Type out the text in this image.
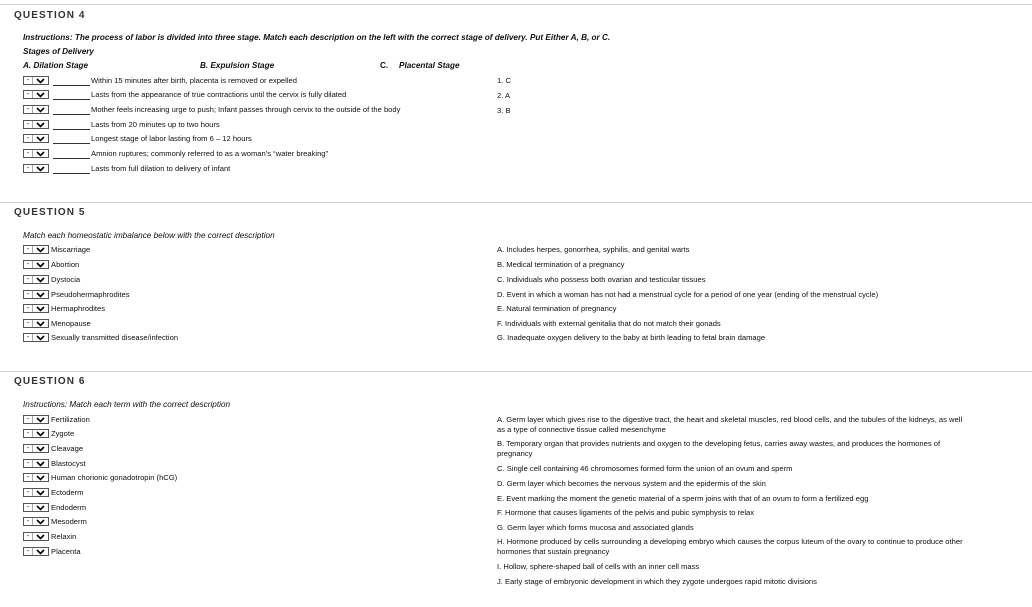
QUESTION 4
Instructions: The process of labor is divided into three stage. Match each description on the left with the correct stage of delivery. Put Either A, B, or C.
Stages of Delivery
A. Dilation Stage	B. Expulsion Stage	C. Placental Stage
-	Within 15 minutes after birth, placenta is removed or expelled
-	Lasts from the appearance of true contractions until the cervix is fully dilated
-	Mother feels increasing urge to push; Infant passes through cervix to the outside of the body
-	Lasts from 20 minutes up to two hours
-	Longest stage of labor lasting from 6 – 12 hours
-	Amnion ruptures; commonly referred to as a woman’s “water breaking”
-	Lasts from full dilation to delivery of infant
1. C
2. A
3. B
QUESTION 5
Match each homeostatic imbalance below with the correct description
-	Miscarriage
-	Abortion
-	Dystocia
-	Pseudohermaphrodites
-	Hermaphrodites
-	Menopause
-	Sexually transmitted disease/infection
A. Includes herpes, gonorrhea, syphilis, and genital warts
B. Medical termination of a pregnancy
C. Individuals who possess both ovarian and testicular tissues
D. Event in which a woman has not had a menstrual cycle for a period of one year (ending of the menstrual cycle)
E. Natural termination of pregnancy
F. Individuals with external genitalia that do not match their gonads
G. Inadequate oxygen delivery to the baby at birth leading to fetal brain damage
QUESTION 6
Instructions: Match each term with the correct description
-	Fertilization
-	Zygote
-	Cleavage
-	Blastocyst
-	Human chorionic gonadotropin (hCG)
-	Ectoderm
-	Endoderm
-	Mesoderm
-	Relaxin
-	Placenta
A. Germ layer which gives rise to the digestive tract, the heart and skeletal muscles, red blood cells, and the tubules of the kidneys, as well as a type of connective tissue called mesenchyme
B. Temporary organ that provides nutrients and oxygen to the developing fetus, carries away wastes, and produces the hormones of pregnancy
C. Single cell containing 46 chromosomes formed form the union of an ovum and sperm
D. Germ layer which becomes the nervous system and the epidermis of the skin
E. Event marking the moment the genetic material of a sperm joins with that of an ovum to form a fertilized egg
F. Hormone that causes ligaments of the pelvis and pubic symphysis to relax
G. Germ layer which forms mucosa and associated glands
H. Hormone produced by cells surrounding a developing embryo which causes the corpus luteum of the ovary to continue to produce other hormones that sustain pregnancy
I. Hollow, sphere-shaped ball of cells with an inner cell mass
J. Early stage of embryonic development in which they zygote undergoes rapid mitotic divisions
